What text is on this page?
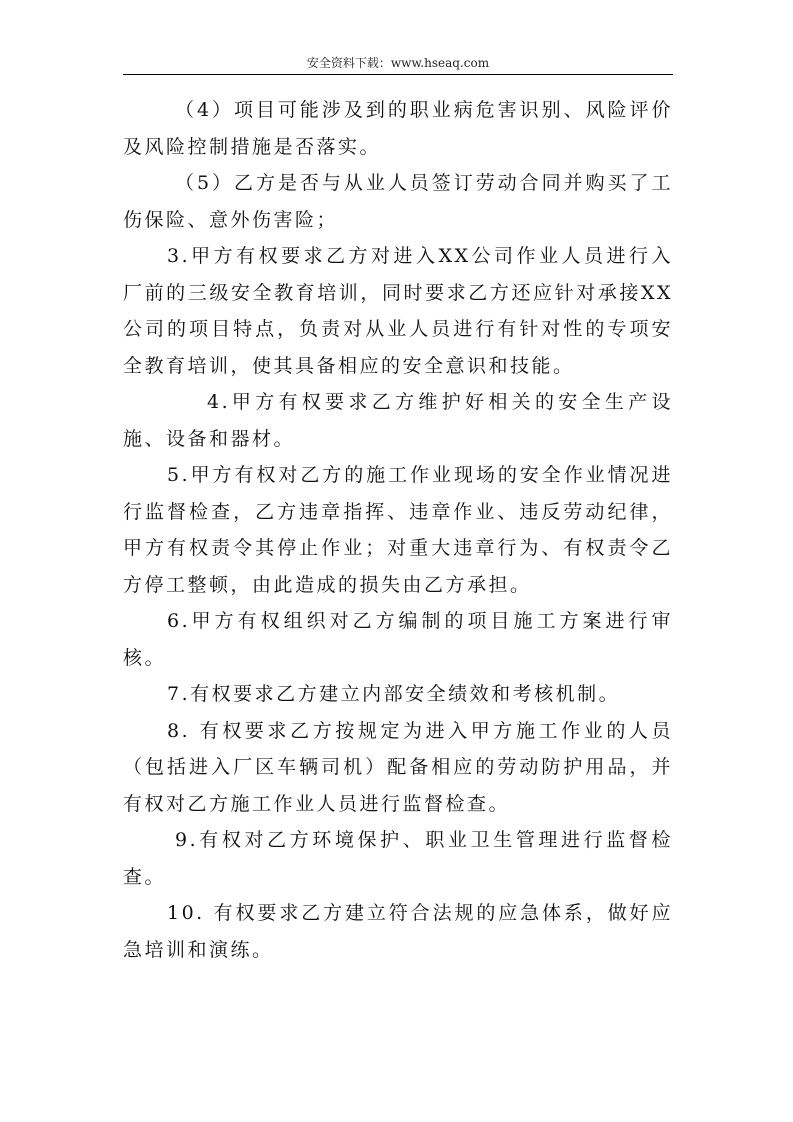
安全资料下载：www.hseaq.com

（4）项目可能涉及到的职业病危害识别、风险评价及风险控制措施是否落实。

（5）乙方是否与从业人员签订劳动合同并购买了工伤保险、意外伤害险；

3.甲方有权要求乙方对进入XX公司作业人员进行入厂前的三级安全教育培训，同时要求乙方还应针对承接XX公司的项目特点，负责对从业人员进行有针对性的专项安全教育培训，使其具备相应的安全意识和技能。

4.甲方有权要求乙方维护好相关的安全生产设施、设备和器材。

5.甲方有权对乙方的施工作业现场的安全作业情况进行监督检查，乙方违章指挥、违章作业、违反劳动纪律，甲方有权责令其停止作业；对重大违章行为、有权责令乙方停工整顿，由此造成的损失由乙方承担。

6.甲方有权组织对乙方编制的项目施工方案进行审核。

7.有权要求乙方建立内部安全绩效和考核机制。

8. 有权要求乙方按规定为进入甲方施工作业的人员（包括进入厂区车辆司机）配备相应的劳动防护用品，并有权对乙方施工作业人员进行监督检查。

9.有权对乙方环境保护、职业卫生管理进行监督检查。

10. 有权要求乙方建立符合法规的应急体系，做好应急培训和演练。
